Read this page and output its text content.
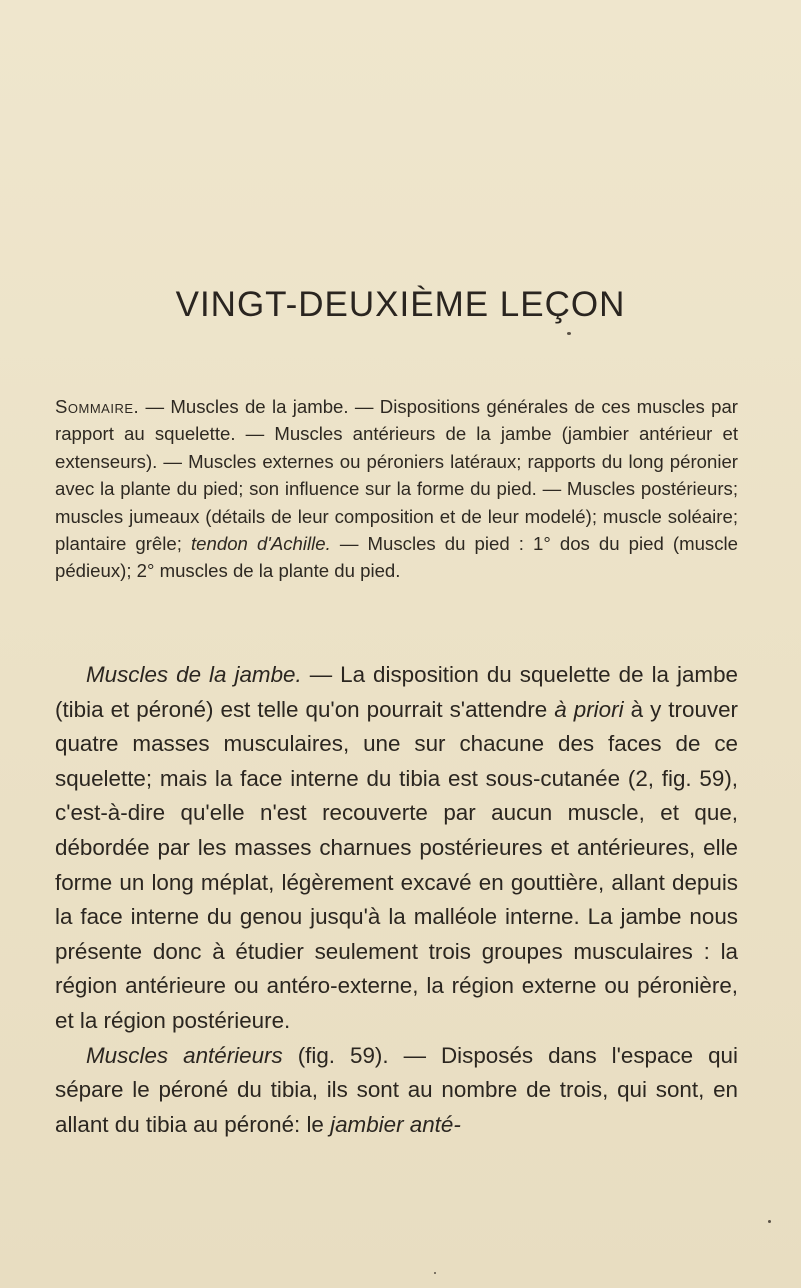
VINGT-DEUXIÈME LEÇON

Sommaire. — Muscles de la jambe. — Dispositions générales de ces muscles par rapport au squelette. — Muscles antérieurs de la jambe (jambier antérieur et extenseurs). — Muscles externes ou péroniers latéraux; rapports du long péronier avec la plante du pied; son influence sur la forme du pied. — Muscles postérieurs; muscles jumeaux (détails de leur composition et de leur modelé); muscle soléaire; plantaire grêle; tendon d'Achille. — Muscles du pied : 1° dos du pied (muscle pédieux); 2° muscles de la plante du pied.

Muscles de la jambe. — La disposition du squelette de la jambe (tibia et péroné) est telle qu'on pourrait s'attendre à priori à y trouver quatre masses musculaires, une sur chacune des faces de ce squelette; mais la face interne du tibia est sous-cutanée (2, fig. 59), c'est-à-dire qu'elle n'est recouverte par aucun muscle, et que, débordée par les masses charnues postérieures et antérieures, elle forme un long méplat, légèrement excavé en gouttière, allant depuis la face interne du genou jusqu'à la malléole interne. La jambe nous présente donc à étudier seulement trois groupes musculaires : la région antérieure ou antéro-externe, la région externe ou péronière, et la région postérieure.

Muscles antérieurs (fig. 59). — Disposés dans l'espace qui sépare le péroné du tibia, ils sont au nombre de trois, qui sont, en allant du tibia au péroné: le jambier anté-
